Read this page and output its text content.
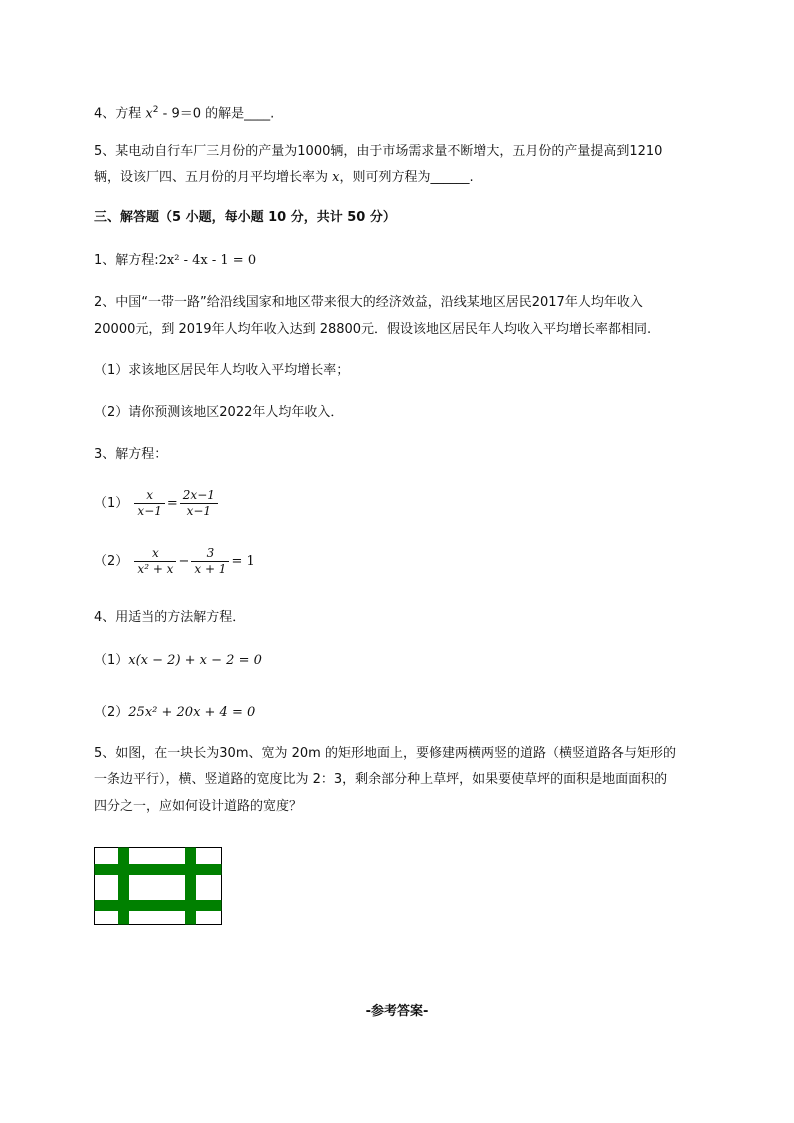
4、方程 $x^2 - 9=0$ 的解是____.
5、某电动自行车厂三月份的产量为1000辆，由于市场需求量不断增大，五月份的产量提高到1210
辆，设该厂四、五月份的月平均增长率为 x，则可列方程为______.
三、解答题（5 小题，每小题 10 分，共计 50 分）
1、解方程:2x² - 4x - 1 = 0
2、中国“一带一路”给沿线国家和地区带来很大的经济效益，沿线某地区居民2017年人均年收入
20000元，到 2019年人均年收入达到 28800元．假设该地区居民年人均收入平均增长率都相同.
（1）求该地区居民年人均收入平均增长率；
（2）请你预测该地区2022年人均年收入．
3、解方程：
$(1) \frac{x}{x-1} = \frac{2x-1}{x-1}$
$(2) \frac{x}{\text{x² + x}} - \frac{3}{x + 1} = 1$
4、用适当的方法解方程．
（1）x(x − 2) + x − 2 = 0
（2）25x² + 20x + 4 = 0
5、如图，在一块长为30m、宽为 20m 的矩形地面上，要修建两横两竖的道路（横竖道路各与矩形的
一条边平行），横、竖道路的宽度比为 2：3，剩余部分种上草坪，如果要使草坪的面积是地面面积的
四分之一，应如何设计道路的宽度？
-参考答案-
